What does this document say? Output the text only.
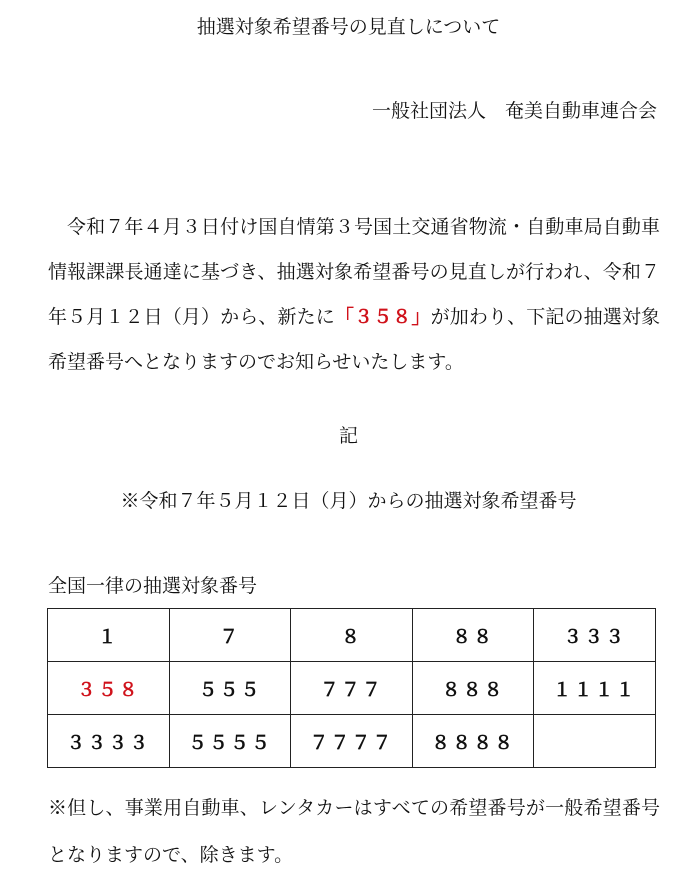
抽選対象希望番号の見直しについて
一般社団法人　奄美自動車連合会
令和７年４月３日付け国自情第３号国土交通省物流・自動車局自動車情報課課長通達に基づき、抽選対象希望番号の見直しが行われ、令和７年５月１２日（月）から、新たに「３５８」が加わり、下記の抽選対象希望番号へとなりますのでお知らせいたします。
記
※令和７年５月１２日（月）からの抽選対象希望番号
全国一律の抽選対象番号
１	７	８	８８	３３３
３５８	５５５	７７７	８８８	１１１１
３３３３	５５５５	７７７７	８８８８	
※但し、事業用自動車、レンタカーはすべての希望番号が一般希望番号となりますので、除きます。
